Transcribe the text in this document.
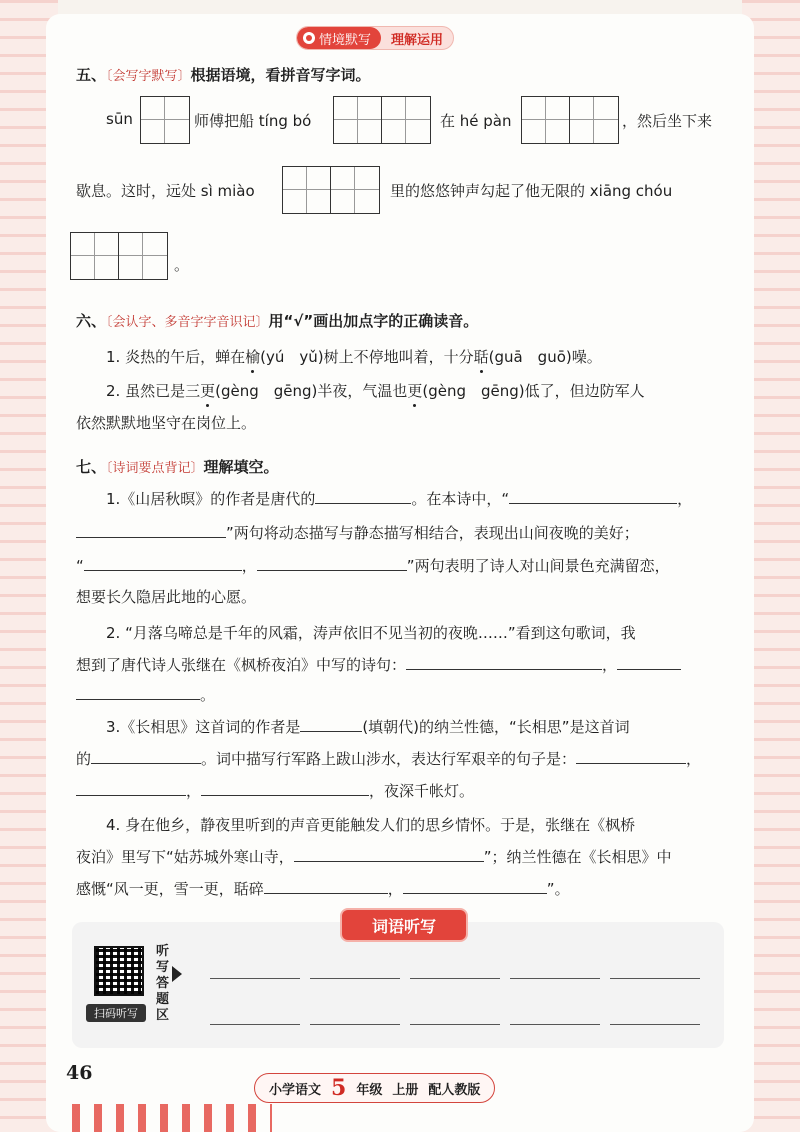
情境默写	理解运用
五、〔会写字默写〕根据语境，看拼音写字词。
sūn	师傅把船 tíng bó	在 hé pàn	，然后坐下来
歇息。这时，远处 sì miào	里的悠悠钟声勾起了他无限的 xiāng chóu
。
六、〔会认字、多音字字音识记〕用“√”画出加点字的正确读音。
1. 炎热的午后，蝉在榆(yú　yǔ)树上不停地叫着，十分聒(guā　guō)噪。
2. 虽然已是三更(gèng　gēng)半夜，气温也更(gèng　gēng)低了，但边防军人
依然默默地坚守在岗位上。
七、〔诗词要点背记〕理解填空。
1.《山居秋暝》的作者是唐代的	。在本诗中，“	，
”两句将动态描写与静态描写相结合，表现出山间夜晚的美好；
“	，	”两句表明了诗人对山间景色充满留恋，
想要长久隐居此地的心愿。
2. “月落乌啼总是千年的风霜，涛声依旧不见当初的夜晚……”看到这句歌词，我
想到了唐代诗人张继在《枫桥夜泊》中写的诗句：	，
。
3.《长相思》这首词的作者是	(填朝代)的纳兰性德，“长相思”是这首词
的	。词中描写行军路上跋山涉水，表达行军艰辛的句子是：	，
，	，夜深千帐灯。
4. 身在他乡，静夜里听到的声音更能触发人们的思乡情怀。于是，张继在《枫桥
夜泊》里写下“姑苏城外寒山寺，	”；纳兰性德在《长相思》中
感慨“风一更，雪一更，聒碎	，	”。
词语听写
扫码听写
听写答题区
46
小学语文 5 年级 上册 配人教版
